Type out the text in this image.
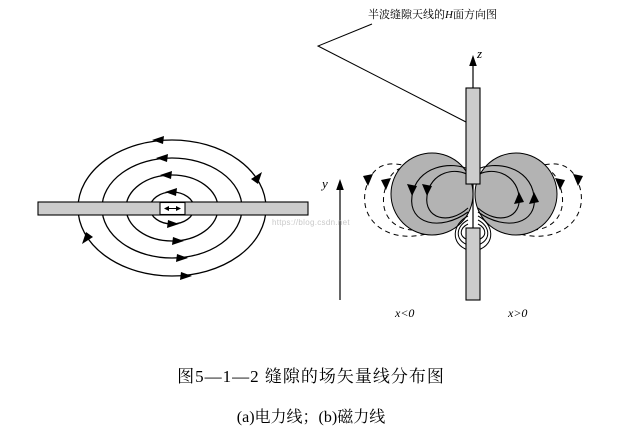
半波缝隙天线的H面方向图
z
y
x<0	x>0
https://blog.csdn.net
图5—1—2 缝隙的场矢量线分布图
(a)电力线；(b)磁力线
